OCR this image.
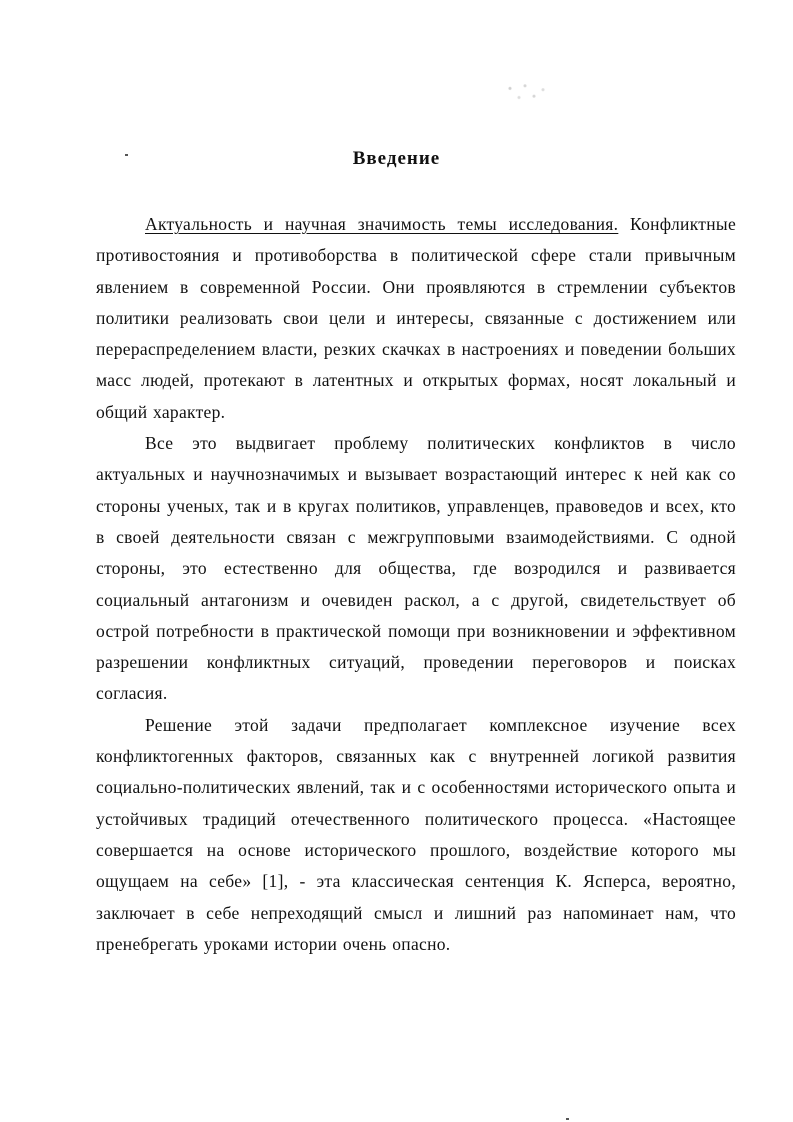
Введение

Актуальность и научная значимость темы исследования. Конфликтные противостояния и противоборства в политической сфере стали привычным явлением в современной России. Они проявляются в стремлении субъектов политики реализовать свои цели и интересы, связанные с достижением или перераспределением власти, резких скачках в настроениях и поведении больших масс людей, протекают в латентных и открытых формах, носят локальный и общий характер.

Все это выдвигает проблему политических конфликтов в число актуальных и научнозначимых и вызывает возрастающий интерес к ней как со стороны ученых, так и в кругах политиков, управленцев, правоведов и всех, кто в своей деятельности связан с межгрупповыми взаимодействиями. С одной стороны, это естественно для общества, где возродился и развивается социальный антагонизм и очевиден раскол, а с другой, свидетельствует об острой потребности в практической помощи при возникновении и эффективном разрешении конфликтных ситуаций, проведении переговоров и поисках согласия.

Решение этой задачи предполагает комплексное изучение всех конфликтогенных факторов, связанных как с внутренней логикой развития социально-политических явлений, так и с особенностями исторического опыта и устойчивых традиций отечественного политического процесса. «Настоящее совершается на основе исторического прошлого, воздействие которого мы ощущаем на себе» [1], - эта классическая сентенция К. Ясперса, вероятно, заключает в себе непреходящий смысл и лишний раз напоминает нам, что пренебрегать уроками истории очень опасно.
